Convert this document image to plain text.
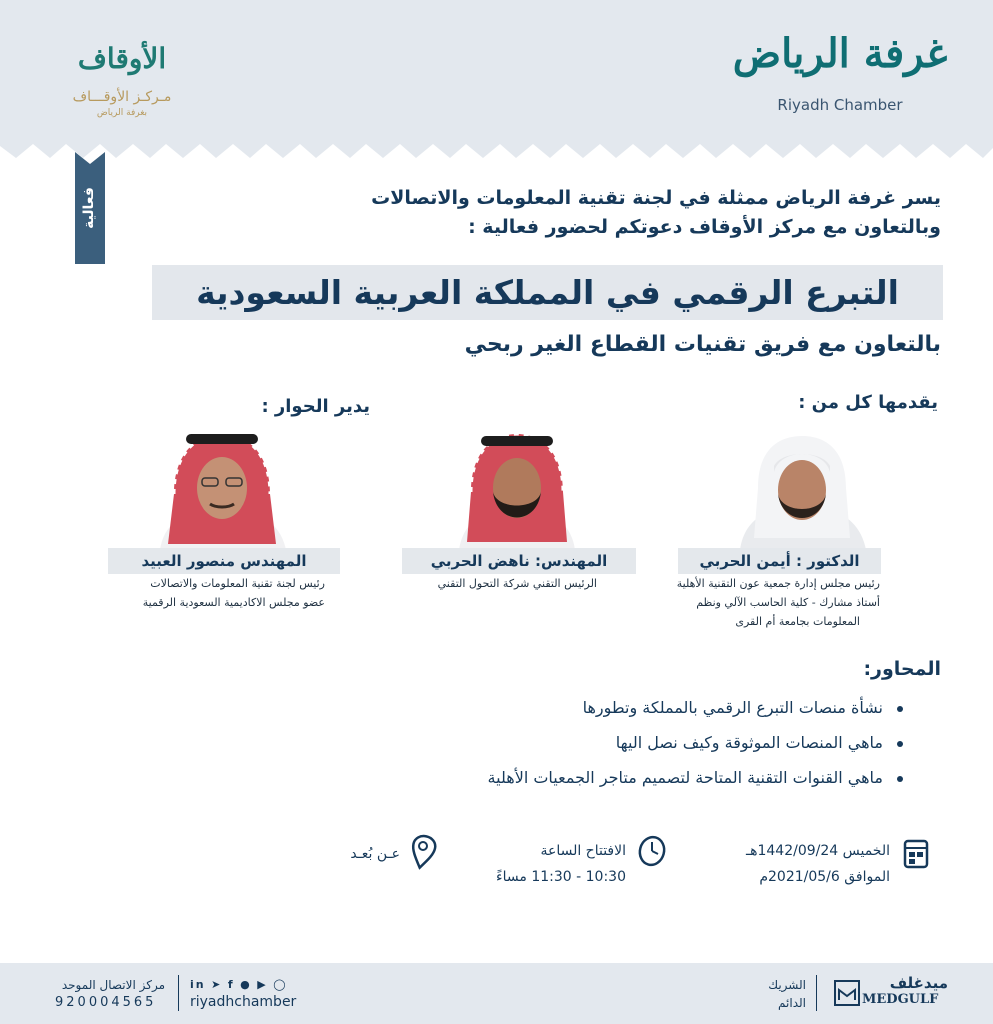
غرفة الرياض
Riyadh Chamber
الأوقاف
مـركـز الأوقـــاف
بغرفة الرياض
فعالية	يسر غرفة الرياض ممثلة في لجنة تقنية المعلومات والاتصالات
وبالتعاون مع مركز الأوقاف دعوتكم لحضور فعالية :
التبرع الرقمي في المملكة العربية السعودية
بالتعاون مع فريق تقنيات القطاع الغير ربحي
يقدمها كل من :
يدير الحوار :
الدكتور : أيمن الحربي
رئيس مجلس إدارة جمعية عون التقنية الأهلية
أستاذ مشارك - كلية الحاسب الآلي ونظم
المعلومات بجامعة أم القرى
المهندس: ناهض الحربي
الرئيس التقني شركة التحول التقني
المهندس منصور العبيد
رئيس لجنة تقنية المعلومات والاتصالات
عضو مجلس الاكاديمية السعودية الرقمية
المحاور:
نشأة منصات التبرع الرقمي بالمملكة وتطورها
ماهي المنصات الموثوقة وكيف نصل اليها
ماهي القنوات التقنية المتاحة لتصميم متاجر الجمعيات الأهلية
الخميس 1442/09/24هـ
الموافق 2021/05/6م
الافتتاح الساعة
10:30 - 11:30 مساءً
عـن بُعـد
مركز الاتصال الموحد
920004565
in ➤ f ● ▶ ◯
riyadhchamber
الشريك
الدائم
ميدغلف
MEDGULF
